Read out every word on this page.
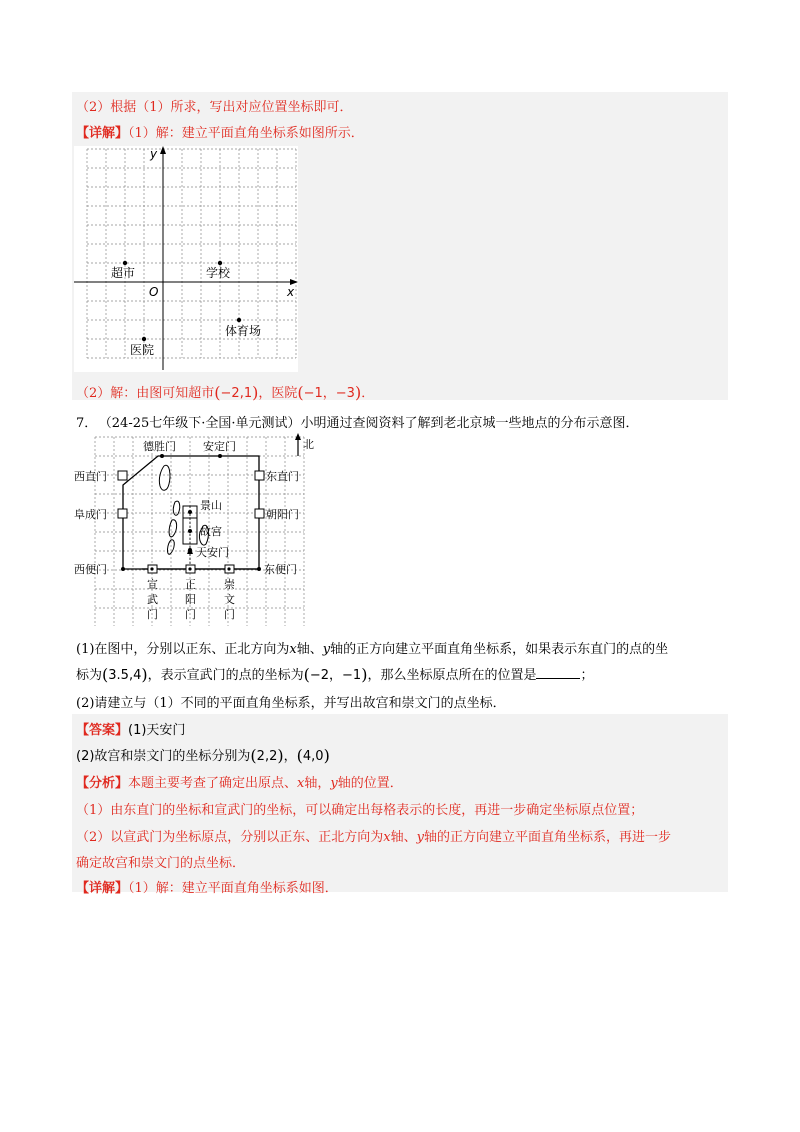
（2）根据（1）所求，写出对应位置坐标即可．
【详解】（1）解：建立平面直角坐标系如图所示．
y
x
O
超市	学校
体育场
医院
（2）解：由图可知超市(−2,1)，医院(−1，−3)．
7． （24-25七年级下·全国·单元测试）小明通过查阅资料了解到老北京城一些地点的分布示意图．
北
德胜门 安定门
西直门	东直门
阜成门	朝阳门
景山
故宫
天安门
西便门	东便门
宣
武
门
正
阳
门
崇
文
门
(1)在图中，分别以正东、正北方向为x轴、y轴的正方向建立平面直角坐标系，如果表示东直门的点的坐
标为(3.5,4)，表示宣武门的点的坐标为(−2，−1)，那么坐标原点所在的位置是	；
(2)请建立与（1）不同的平面直角坐标系，并写出故宫和崇文门的点坐标．
【答案】(1)天安门
(2)故宫和崇文门的坐标分别为(2,2)，(4,0)
【分析】本题主要考查了确定出原点、x轴，y轴的位置．
（1）由东直门的坐标和宣武门的坐标，可以确定出每格表示的长度，再进一步确定坐标原点位置；
（2）以宣武门为坐标原点，分别以正东、正北方向为x轴、y轴的正方向建立平面直角坐标系，再进一步
确定故宫和崇文门的点坐标．
【详解】（1）解：建立平面直角坐标系如图．
